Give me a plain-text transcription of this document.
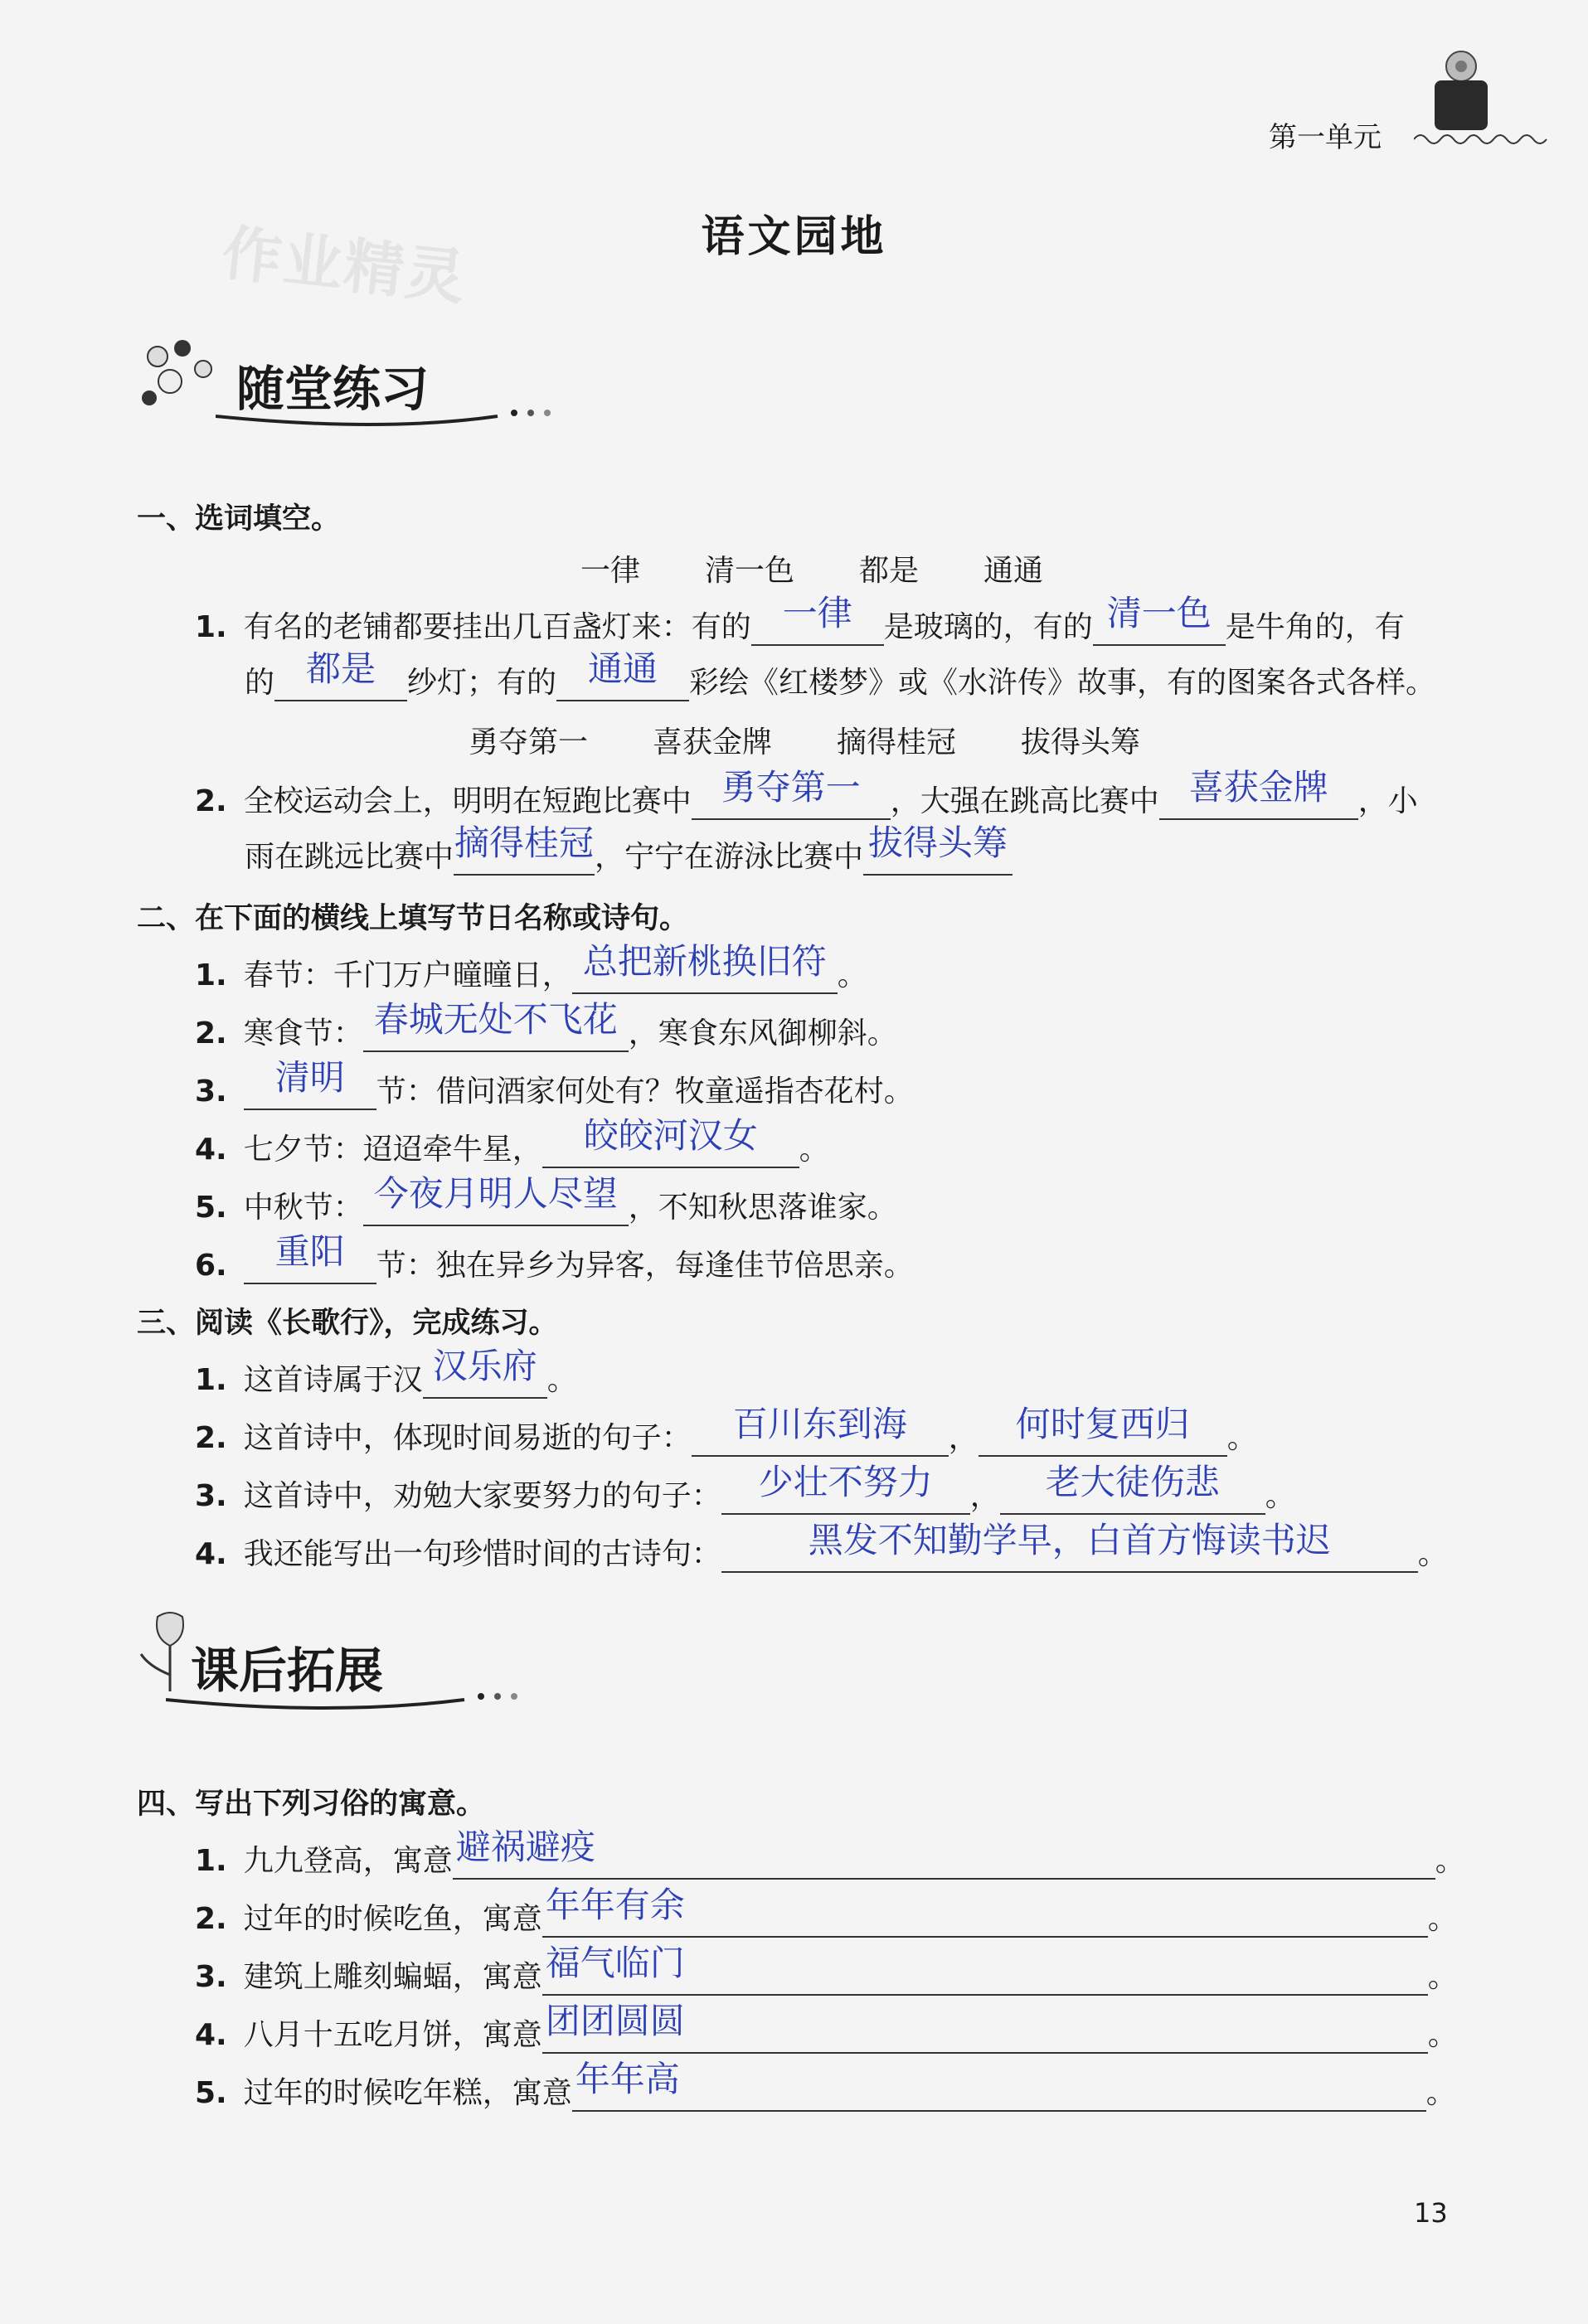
第一单元
作业精灵	语文园地
随堂练习
一、选词填空。
一律 清一色 都是 通通
1. 有名的老铺都要挂出几百盏灯来：有的 一律	是玻璃的，有的 清一色 是牛角的，有
的 都是	纱灯；有的 通通	彩绘《红楼梦》或《水浒传》故事，有的图案各式各样。
勇夺第一 喜获金牌 摘得桂冠 拔得头筹
2. 全校运动会上，明明在短跑比赛中 勇夺第一	，大强在跳高比赛中 喜获金牌	，小
雨在跳远比赛中 摘得桂冠 ，宁宁在游泳比赛中 拔得头筹
二、在下面的横线上填写节日名称或诗句。
1. 春节：千门万户曈曈日， 总把新桃换旧符 。
2. 寒食节： 春城无处不飞花 ，寒食东风御柳斜。
3.	清明	节：借问酒家何处有？牧童遥指杏花村。
4. 七夕节：迢迢牵牛星，	皎皎河汉女	。
5. 中秋节： 今夜月明人尽望 ，不知秋思落谁家。
6.	重阳	节：独在异乡为异客，每逢佳节倍思亲。
三、阅读《长歌行》，完成练习。
1. 这首诗属于汉 汉乐府 。
2. 这首诗中，体现时间易逝的句子：	百川东到海	，	何时复西归	。
3. 这首诗中，劝勉大家要努力的句子：	少壮不努力	，	老大徒伤悲	。
4. 我还能写出一句珍惜时间的古诗句：	黑发不知勤学早，白首方悔读书迟	。
课后拓展
四、写出下列习俗的寓意。
1. 九九登高，寓意 避祸避疫	。
2. 过年的时候吃鱼，寓意 年年有余	。
3. 建筑上雕刻蝙蝠，寓意 福气临门	。
4. 八月十五吃月饼，寓意 团团圆圆	。
5. 过年的时候吃年糕，寓意 年年高	。
13
